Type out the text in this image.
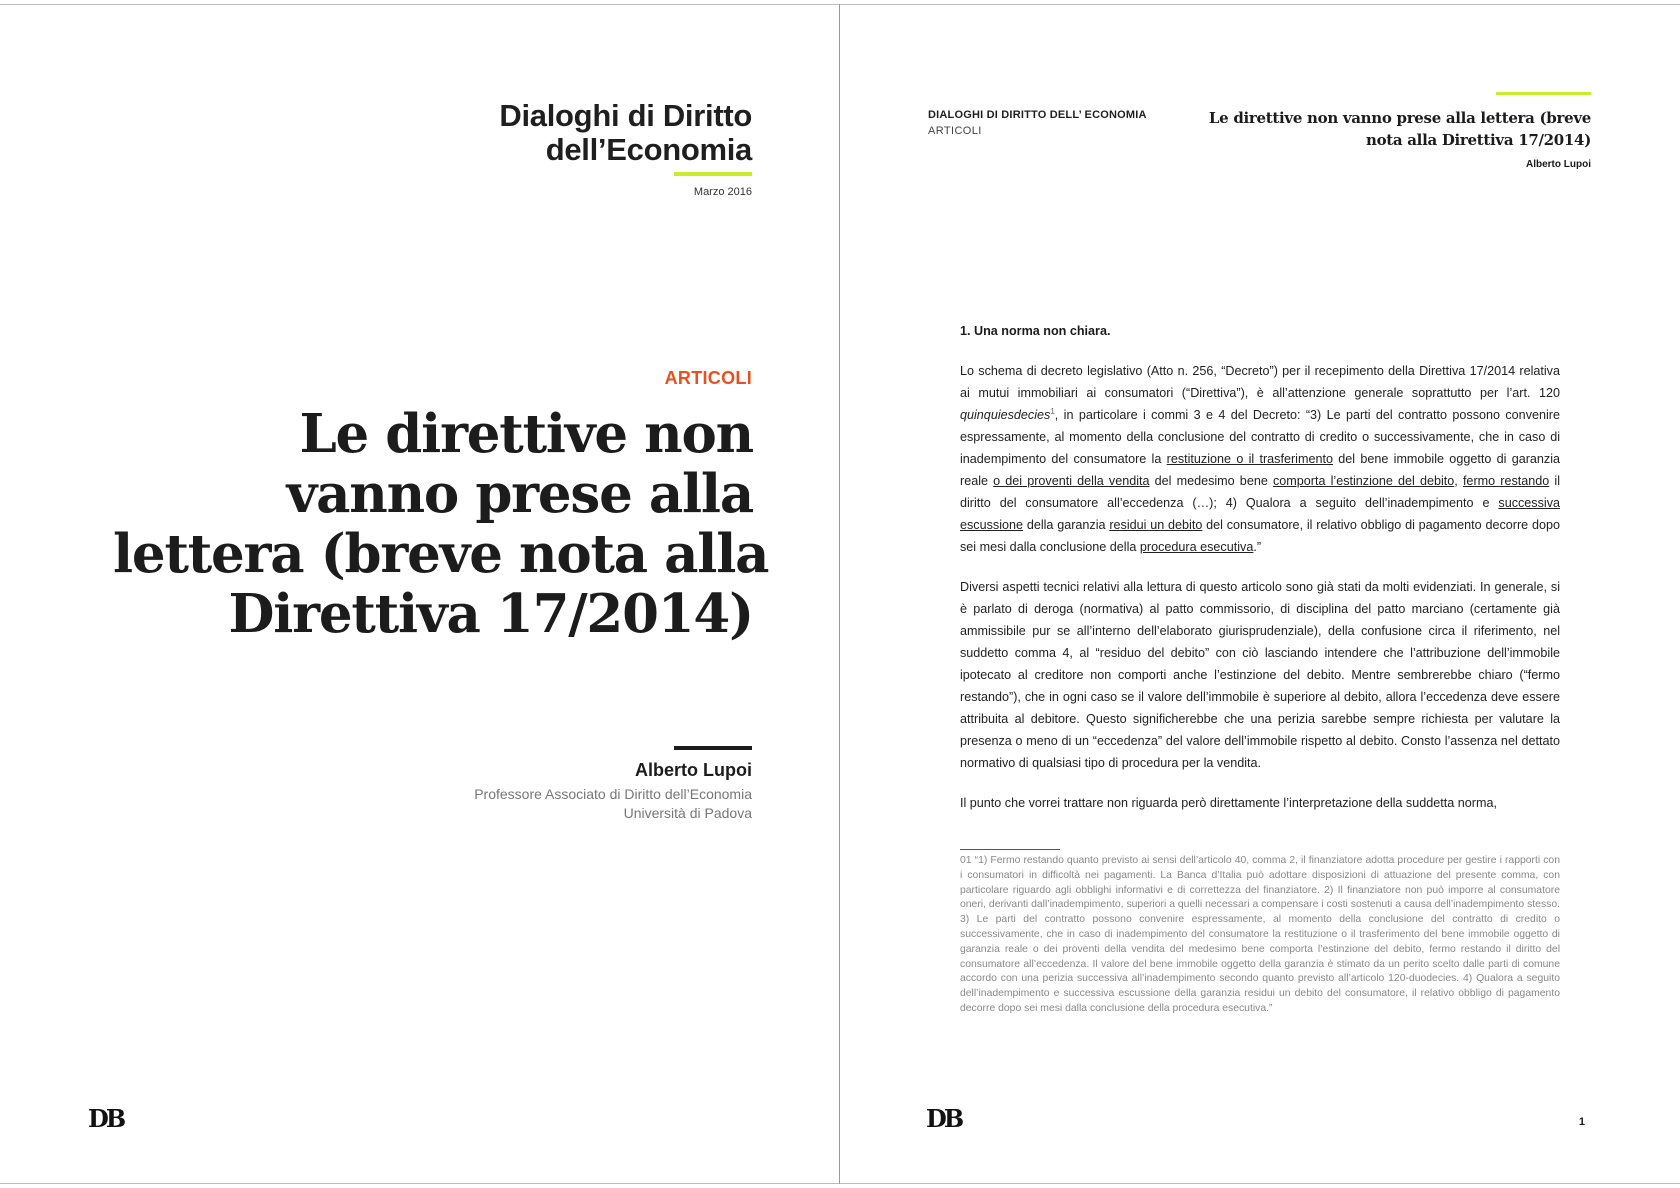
Dialoghi di Diritto
dell’Economia
Marzo 2016
ARTICOLI
Le direttive non
vanno prese alla
lettera (breve nota alla
Direttiva 17/2014)
Alberto Lupoi
Professore Associato di Diritto dell’Economia
Università di Padova
DB
DIALOGHI DI DIRITTO DELL’ ECONOMIA
ARTICOLI
Le direttive non vanno prese alla lettera (breve
nota alla Direttiva 17/2014)
Alberto Lupoi
1. Una norma non chiara.

Lo schema di decreto legislativo (Atto n. 256, “Decreto”) per il recepimento della Direttiva 17/2014 relativa ai mutui immobiliari ai consumatori (“Direttiva”), è all’attenzione generale soprattutto per l’art. 120 quinquiesdecies$^1$, in particolare i commi 3 e 4 del Decreto: “3) Le parti del contratto possono convenire espressamente, al momento della conclusione del contratto di credito o successivamente, che in caso di inadempimento del consumatore la restituzione o il trasferimento del bene immobile oggetto di garanzia reale o dei proventi della vendita del medesimo bene comporta l’estinzione del debito, fermo restando il diritto del consumatore all’eccedenza (…); 4) Qualora a seguito dell’inadempimento e successiva escussione della garanzia residui un debito del consumatore, il relativo obbligo di pagamento decorre dopo sei mesi dalla conclusione della procedura esecutiva.”

Diversi aspetti tecnici relativi alla lettura di questo articolo sono già stati da molti evidenziati. In generale, si è parlato di deroga (normativa) al patto commissorio, di disciplina del patto marciano (certamente già ammissibile pur se all’interno dell’elaborato giurisprudenziale), della confusione circa il riferimento, nel suddetto comma 4, al “residuo del debito” con ciò lasciando intendere che l’attribuzione dell’immobile ipotecato al creditore non comporti anche l’estinzione del debito. Mentre sembrerebbe chiaro (“fermo restando”), che in ogni caso se il valore dell’immobile è superiore al debito, allora l’eccedenza deve essere attribuita al debitore. Questo significherebbe che una perizia sarebbe sempre richiesta per valutare la presenza o meno di un “eccedenza” del valore dell’immobile rispetto al debito. Consto l’assenza nel dettato normativo di qualsiasi tipo di procedura per la vendita.

Il punto che vorrei trattare non riguarda però direttamente l’interpretazione della suddetta norma,

01 “1) Fermo restando quanto previsto ai sensi dell’articolo 40, comma 2, il finanziatore adotta procedure per gestire i rapporti con i consumatori in difficoltà nei pagamenti. La Banca d’Italia può adottare disposizioni di attuazione del presente comma, con particolare riguardo agli obblighi informativi e di correttezza del finanziatore. 2) Il finanziatore non può imporre al consumatore oneri, derivanti dall’inadempimento, superiori a quelli necessari a compensare i costi sostenuti a causa dell’inadempimento stesso. 3) Le parti del contratto possono convenire espressamente, al momento della conclusione del contratto di credito o successivamente, che in caso di inadempimento del consumatore la restituzione o il trasferimento del bene immobile oggetto di garanzia reale o dei proventi della vendita del medesimo bene comporta l’estinzione del debito, fermo restando il diritto del consumatore all’eccedenza. Il valore del bene immobile oggetto della garanzia è stimato da un perito scelto dalle parti di comune accordo con una perizia successiva all’inadempimento secondo quanto previsto all’articolo 120-duodecies. 4) Qualora a seguito dell’inadempimento e successiva escussione della garanzia residui un debito del consumatore, il relativo obbligo di pagamento decorre dopo sei mesi dalla conclusione della procedura esecutiva.”
DB	1
